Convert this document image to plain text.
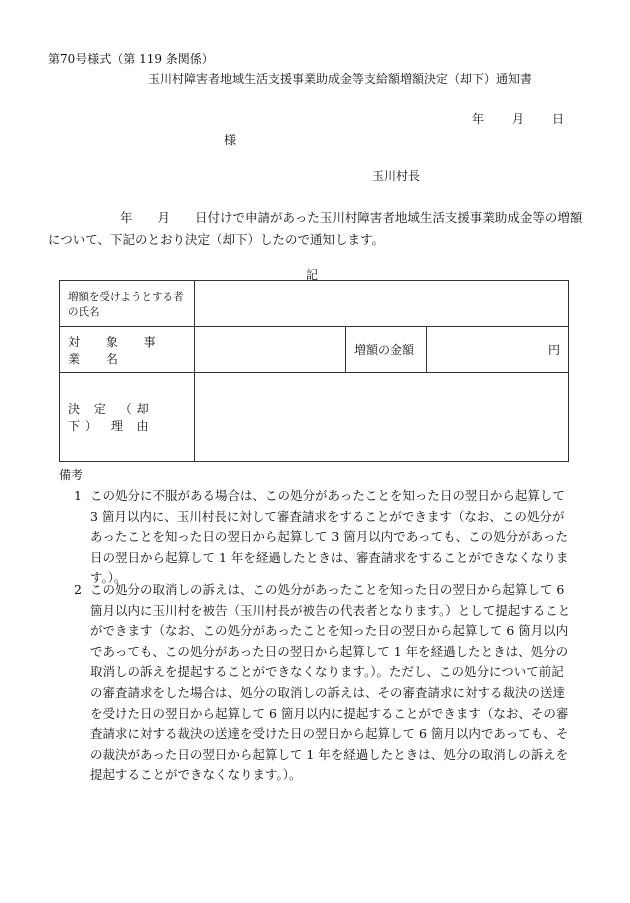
第70号様式（第 119 条関係）
玉川村障害者地域生活支援事業助成金等支給額増額決定（却下）通知書
年 月 日
様
玉川村長
年　　月　　日付けで申請があった玉川村障害者地域生活支援事業助成金等の増額について、下記のとおり決定（却下）したので通知します。
記
増額を受けようとする者の氏名			
対 象 事 業 名		増額の金額	円
決 定 （却 下） 理 由			
備考
1 この処分に不服がある場合は、この処分があったことを知った日の翌日から起算して 3 箇月以内に、玉川村長に対して審査請求をすることができます（なお、この処分があったことを知った日の翌日から起算して 3 箇月以内であっても、この処分があった日の翌日から起算して 1 年を経過したときは、審査請求をすることができなくなります。）。
2 この処分の取消しの訴えは、この処分があったことを知った日の翌日から起算して 6 箇月以内に玉川村を被告（玉川村長が被告の代表者となります。）として提起することができます（なお、この処分があったことを知った日の翌日から起算して 6 箇月以内であっても、この処分があった日の翌日から起算して 1 年を経過したときは、処分の取消しの訴えを提起することができなくなります。）。ただし、この処分について前記の審査請求をした場合は、処分の取消しの訴えは、その審査請求に対する裁決の送達を受けた日の翌日から起算して 6 箇月以内に提起することができます（なお、その審査請求に対する裁決の送達を受けた日の翌日から起算して 6 箇月以内であっても、その裁決があった日の翌日から起算して 1 年を経過したときは、処分の取消しの訴えを提起することができなくなります。）。
